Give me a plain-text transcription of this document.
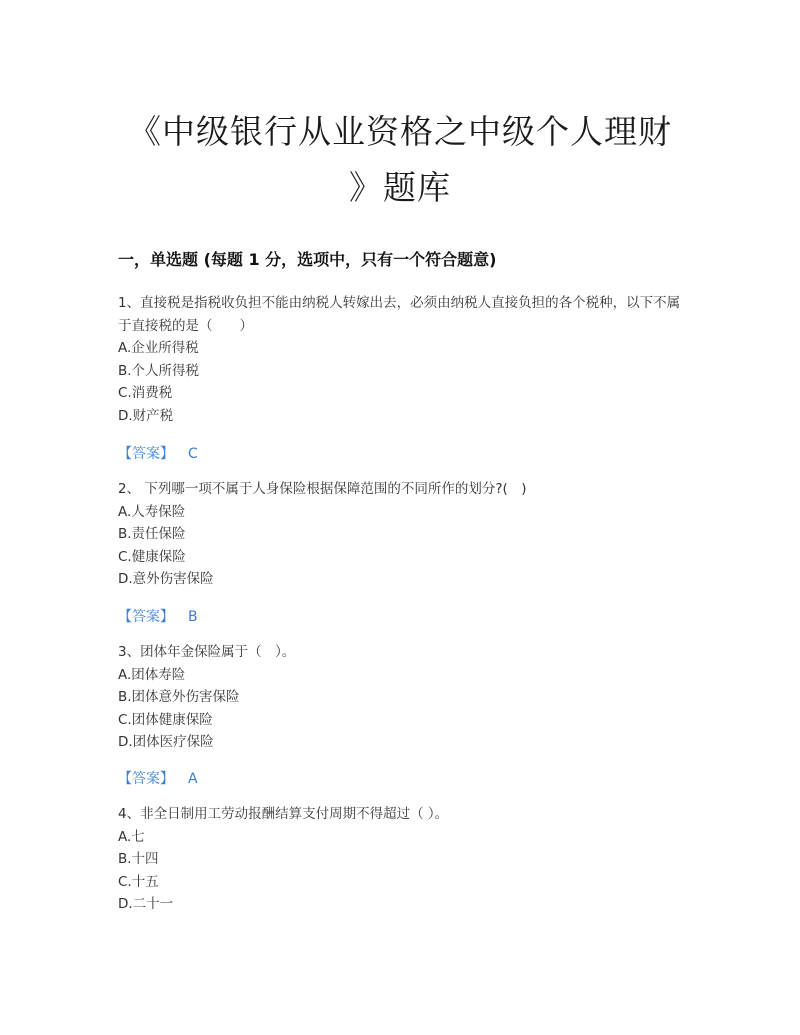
《中级银行从业资格之中级个人理财
》题库
一，单选题 (每题 1 分，选项中，只有一个符合题意)

1、直接税是指税收负担不能由纳税人转嫁出去，必须由纳税人直接负担的各个税种，以下不属于直接税的是（　　）

A.企业所得税

B.个人所得税

C.消费税

D.财产税

【答案】 C

2、 下列哪一项不属于人身保险根据保障范围的不同所作的划分?(　)

A.人寿保险

B.责任保险

C.健康保险

D.意外伤害保险

【答案】 B

3、团体年金保险属于（　）。

A.团体寿险

B.团体意外伤害保险

C.团体健康保险

D.团体医疗保险

【答案】 A

4、非全日制用工劳动报酬结算支付周期不得超过（ ）。

A.七

B.十四

C.十五

D.二十一
